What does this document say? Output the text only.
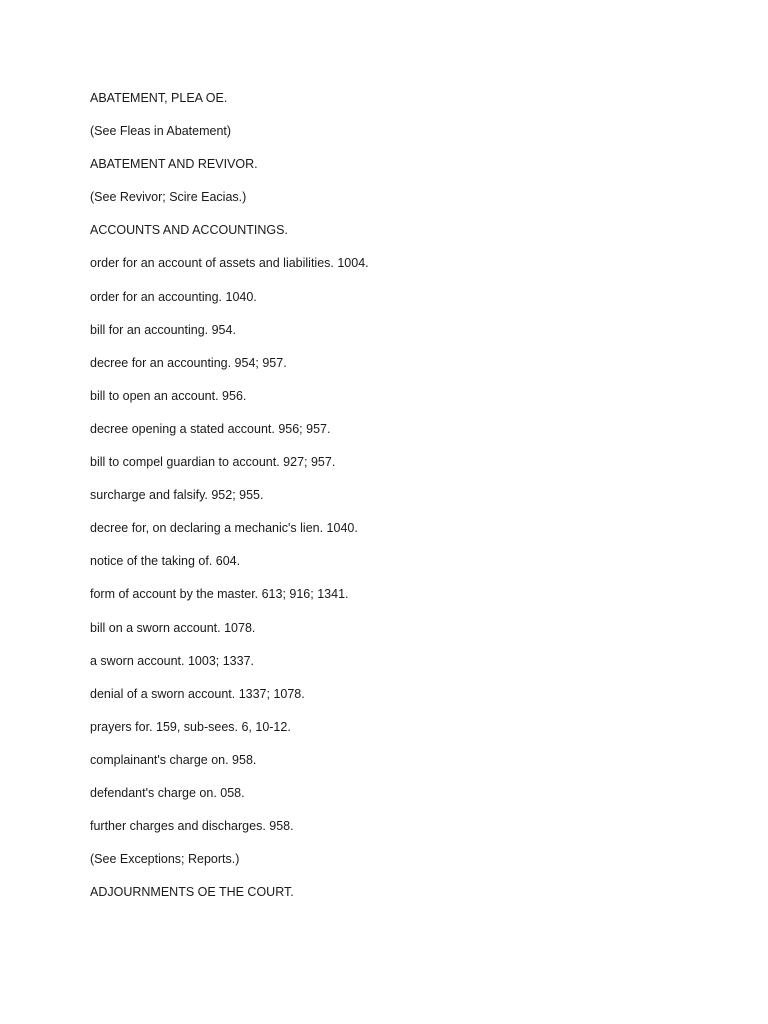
ABATEMENT, PLEA OE.
(See Fleas in Abatement)
ABATEMENT AND REVIVOR.
(See Revivor; Scire Eacias.)
ACCOUNTS AND ACCOUNTINGS.
order for an account of assets and liabilities. 1004.
order for an accounting. 1040.
bill for an accounting. 954.
decree for an accounting. 954; 957.
bill to open an account. 956.
decree opening a stated account. 956; 957.
bill to compel guardian to account. 927; 957.
surcharge and falsify. 952; 955.
decree for, on declaring a mechanic's lien. 1040.
notice of the taking of. 604.
form of account by the master. 613; 916; 1341.
bill on a sworn account. 1078.
a sworn account. 1003; 1337.
denial of a sworn account. 1337; 1078.
prayers for. 159, sub-sees. 6, 10-12.
complainant's charge on. 958.
defendant's charge on. 058.
further charges and discharges. 958.
(See Exceptions; Reports.)
ADJOURNMENTS OE THE COURT.
